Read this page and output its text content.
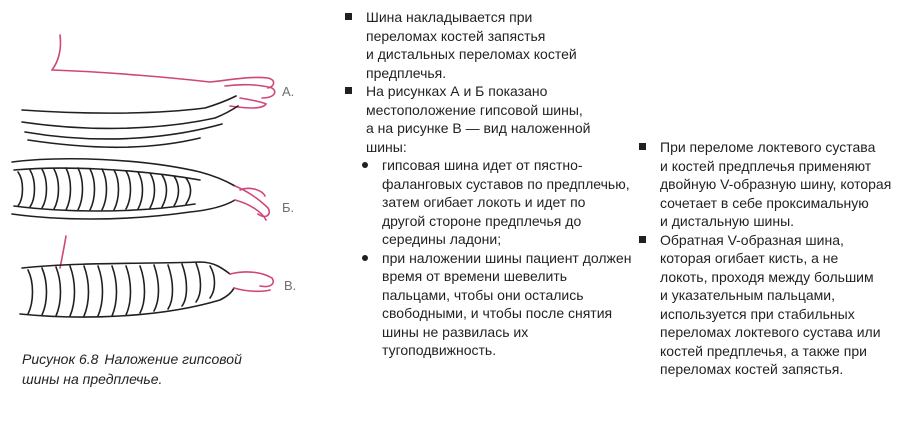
А.
Б.
В.
Рисунок 6.8 Наложение гипсовой
шины на предплечье.
Шина накладывается при
переломах костей запястья
и дистальных переломах костей
предплечья.
На рисунках А и Б показано
местоположение гипсовой шины,
а на рисунке В — вид наложенной
шины:
гипсовая шина идет от пястно- фаланговых суставов по предплечью, затем огибает локоть и идет по другой стороне предплечья до середины ладони;
при наложении шины пациент должен время от времени шевелить пальцами, чтобы они остались свободными, и чтобы после снятия шины не развилась их тугоподвижность.
При переломе локтевого сустава
и костей предплечья применяют
двойную V-образную шину, которая
сочетает в себе проксимальную
и дистальную шины.
Обратная V-образная шина,
которая огибает кисть, а не
локоть, проходя между большим
и указательным пальцами,
используется при стабильных
переломах локтевого сустава или
костей предплечья, а также при
переломах костей запястья.
